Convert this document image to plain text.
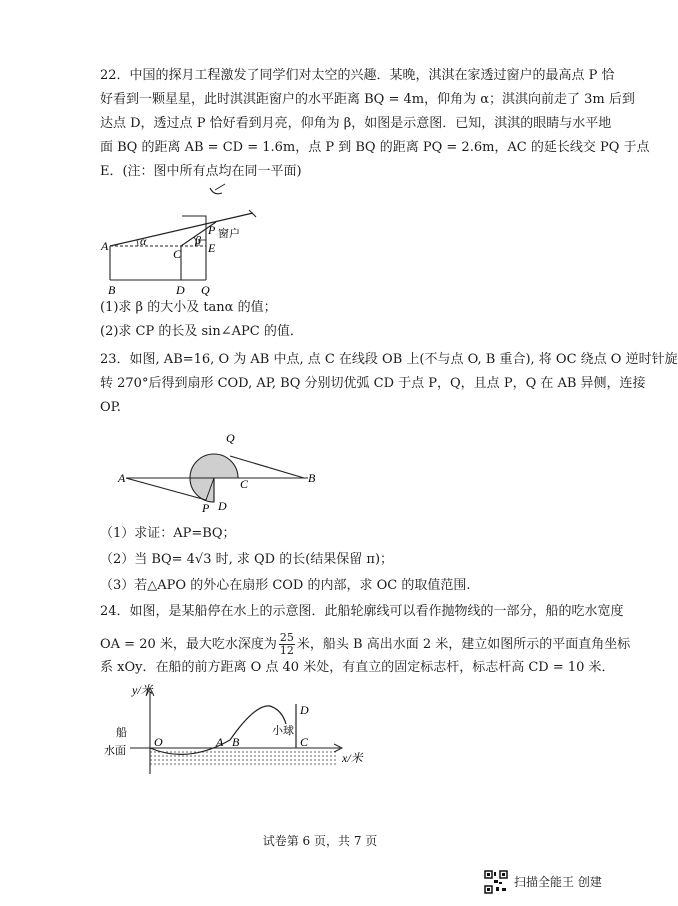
22．中国的探月工程激发了同学们对太空的兴趣．某晚，淇淇在家透过窗户的最高点 P 恰
好看到一颗星星，此时淇淇距窗户的水平距离 BQ = 4m，仰角为 α；淇淇向前走了 3m 后到
达点 D，透过点 P 恰好看到月亮，仰角为 β，如图是示意图．已知，淇淇的眼睛与水平地
面 BQ 的距离 AB = CD = 1.6m，点 P 到 BQ 的距离 PQ = 2.6m，AC 的延长线交 PQ 于点
E．(注：图中所有点均在同一平面)
A	α
C
β
P 窗户
E
B	D Q
(1)求 β 的大小及 tanα 的值；
(2)求 CP 的长及 sin∠APC 的值．
23．如图, AB=16, O 为 AB 中点, 点 C 在线段 OB 上(不与点 O, B 重合), 将 OC 绕点 O 逆时针旋
转 270°后得到扇形 COD, AP, BQ 分别切优弧 CD 于点 P，Q，且点 P，Q 在 AB 异侧，连接
OP.
A	B
Q
C
D
P
（1）求证：AP=BQ；
（2）当 BQ= 4√3 时, 求 QD 的长(结果保留 π)；
（3）若△APO 的外心在扇形 COD 的内部，求 OC 的取值范围.
24．如图，是某船停在水上的示意图．此船轮廓线可以看作抛物线的一部分，船的吃水宽度
OA = 20 米，最大吃水深度为 $\frac{25}{12}$ 米，船头 B 高出水面 2 米，建立如图所示的平面直角坐标
系 xOy．在船的前方距离 O 点 40 米处，有直立的固定标志杆，标志杆高 CD = 10 米．
y/米
x/米
船
水面
O	A B
D
C
小球
试卷第 6 页，共 7 页
扫描全能王 创建
